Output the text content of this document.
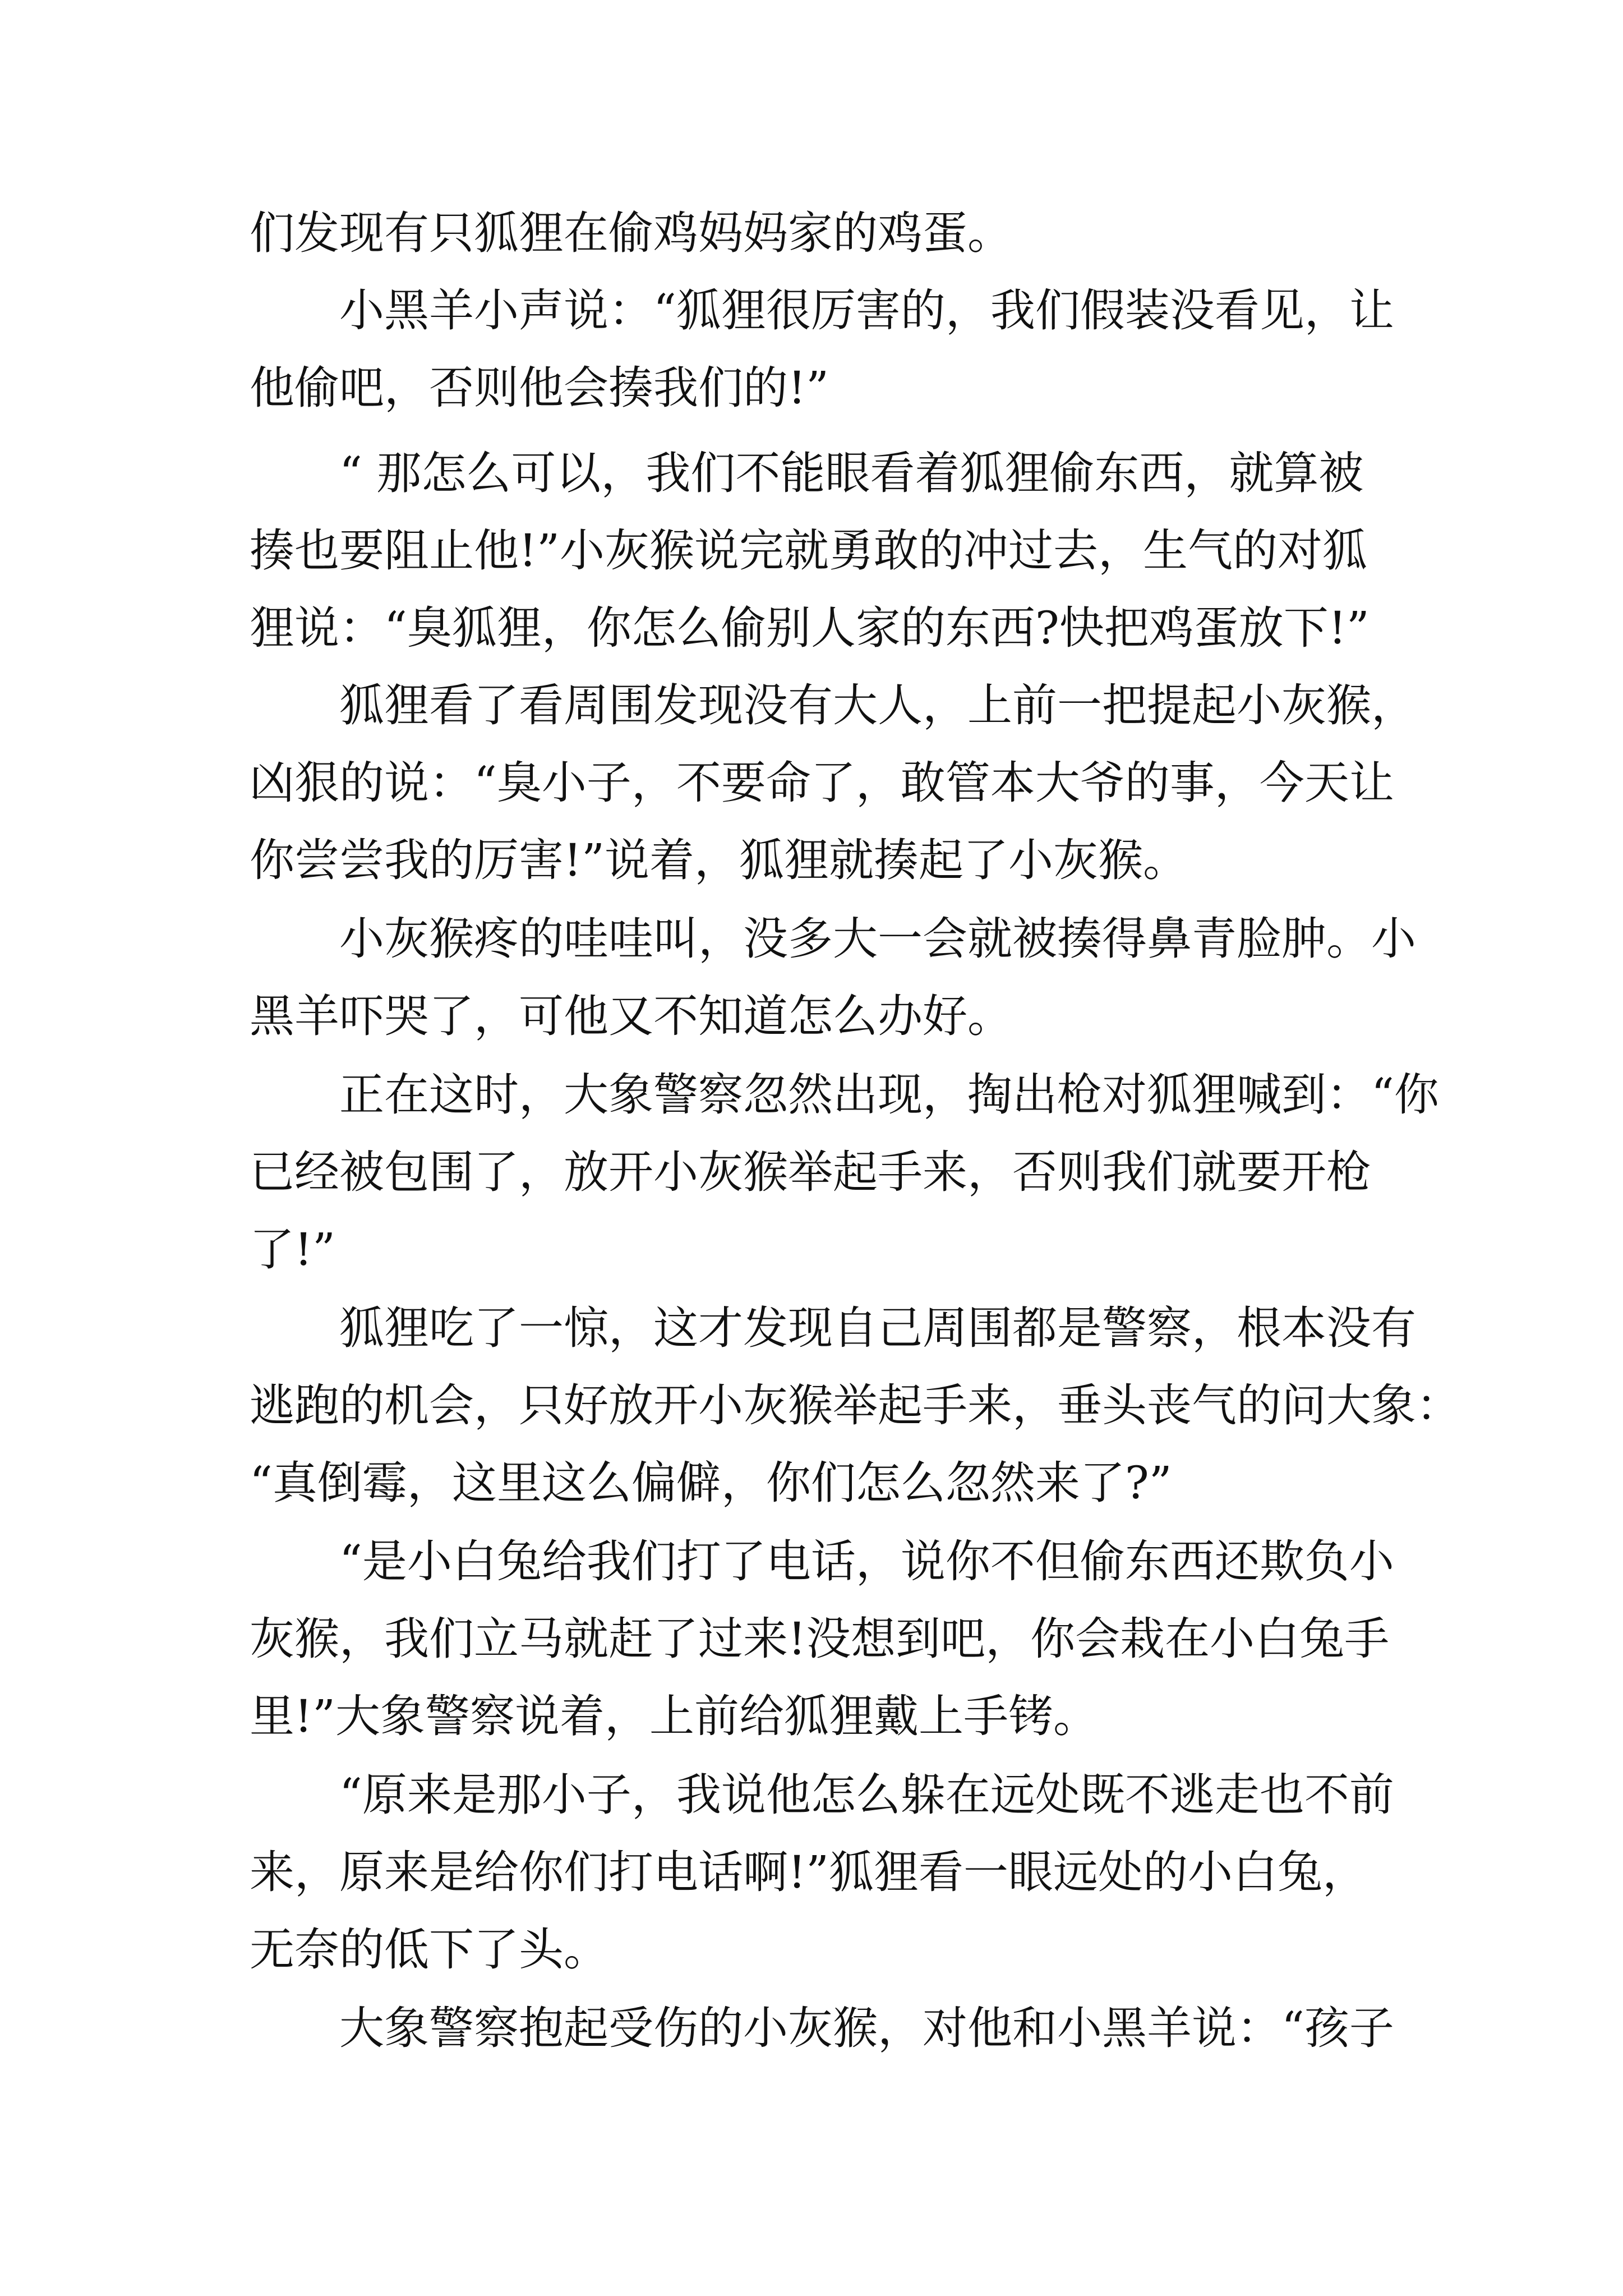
们发现有只狐狸在偷鸡妈妈家的鸡蛋。
　　小黑羊小声说：“狐狸很厉害的，我们假装没看见，让
他偷吧，否则他会揍我们的!”
　　“ 那怎么可以，我们不能眼看着狐狸偷东西，就算被
揍也要阻止他!”小灰猴说完就勇敢的冲过去，生气的对狐
狸说：“臭狐狸，你怎么偷别人家的东西?快把鸡蛋放下!”
　　狐狸看了看周围发现没有大人，上前一把提起小灰猴，
凶狠的说：“臭小子，不要命了，敢管本大爷的事，今天让
你尝尝我的厉害!”说着，狐狸就揍起了小灰猴。
　　小灰猴疼的哇哇叫，没多大一会就被揍得鼻青脸肿。小
黑羊吓哭了，可他又不知道怎么办好。
　　正在这时，大象警察忽然出现，掏出枪对狐狸喊到：“你
已经被包围了，放开小灰猴举起手来，否则我们就要开枪
了!”
　　狐狸吃了一惊，这才发现自己周围都是警察，根本没有
逃跑的机会，只好放开小灰猴举起手来，垂头丧气的问大象：
“真倒霉，这里这么偏僻，你们怎么忽然来了?”
　　“是小白兔给我们打了电话，说你不但偷东西还欺负小
灰猴，我们立马就赶了过来!没想到吧，你会栽在小白兔手
里!”大象警察说着，上前给狐狸戴上手铐。
　　“原来是那小子，我说他怎么躲在远处既不逃走也不前
来，原来是给你们打电话啊!”狐狸看一眼远处的小白兔，
无奈的低下了头。
　　大象警察抱起受伤的小灰猴，对他和小黑羊说：“孩子
